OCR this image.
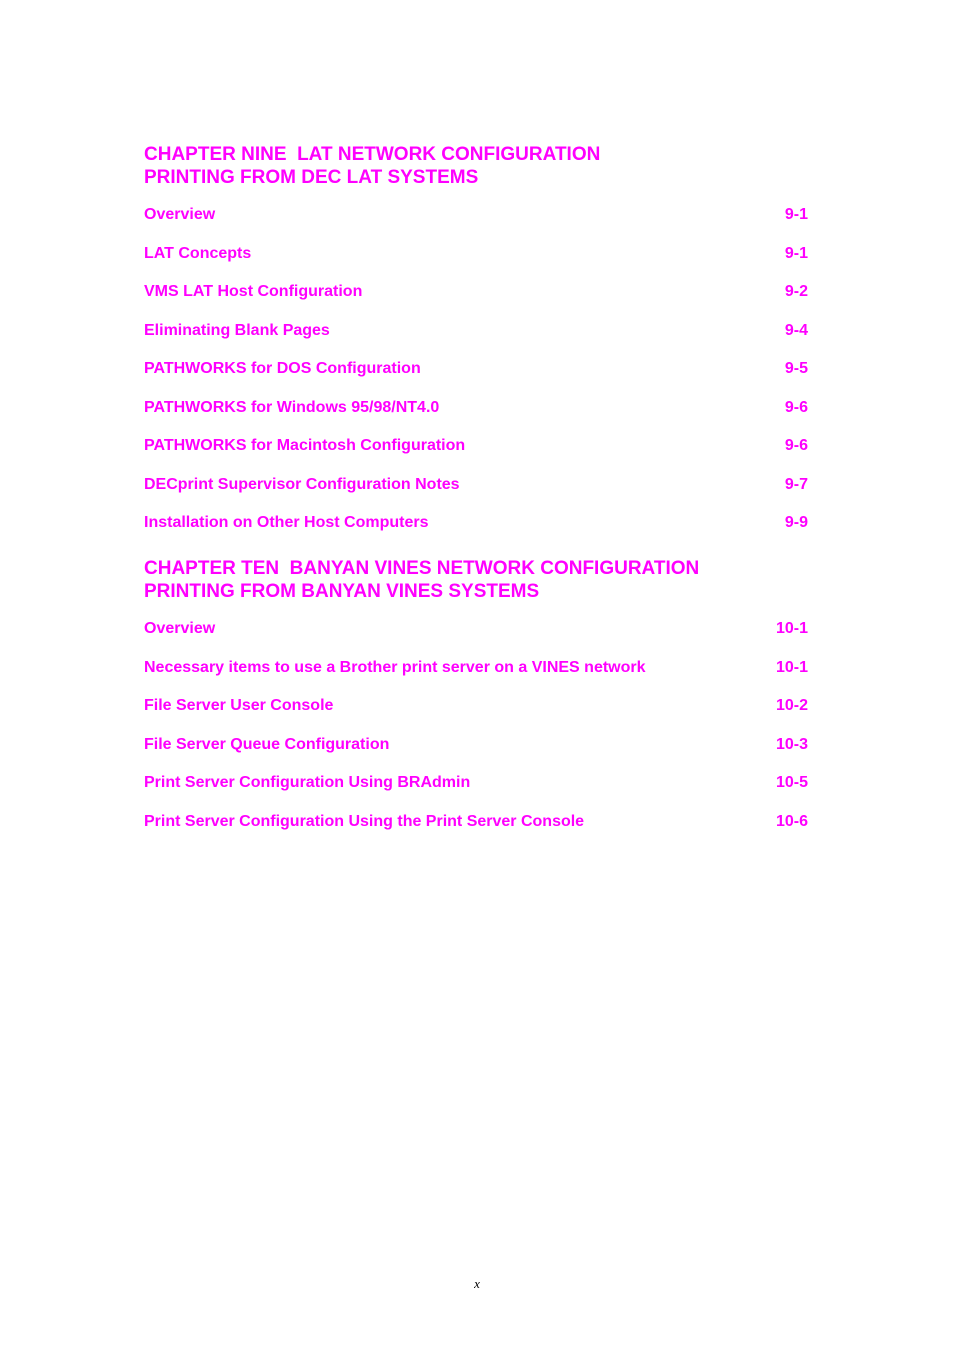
CHAPTER NINE  LAT NETWORK CONFIGURATION
PRINTING FROM DEC LAT SYSTEMS
Overview	9-1
LAT Concepts	9-1
VMS LAT Host Configuration	9-2
Eliminating Blank Pages	9-4
PATHWORKS for DOS Configuration	9-5
PATHWORKS for Windows 95/98/NT4.0	9-6
PATHWORKS for Macintosh Configuration	9-6
DECprint Supervisor Configuration Notes	9-7
Installation on Other Host Computers	9-9
CHAPTER TEN  BANYAN VINES NETWORK CONFIGURATION
PRINTING FROM BANYAN VINES SYSTEMS
Overview	10-1
Necessary items to use a Brother print server on a VINES network	10-1
File Server User Console	10-2
File Server Queue Configuration	10-3
Print Server Configuration Using BRAdmin	10-5
Print Server Configuration Using the Print Server Console	10-6
x
